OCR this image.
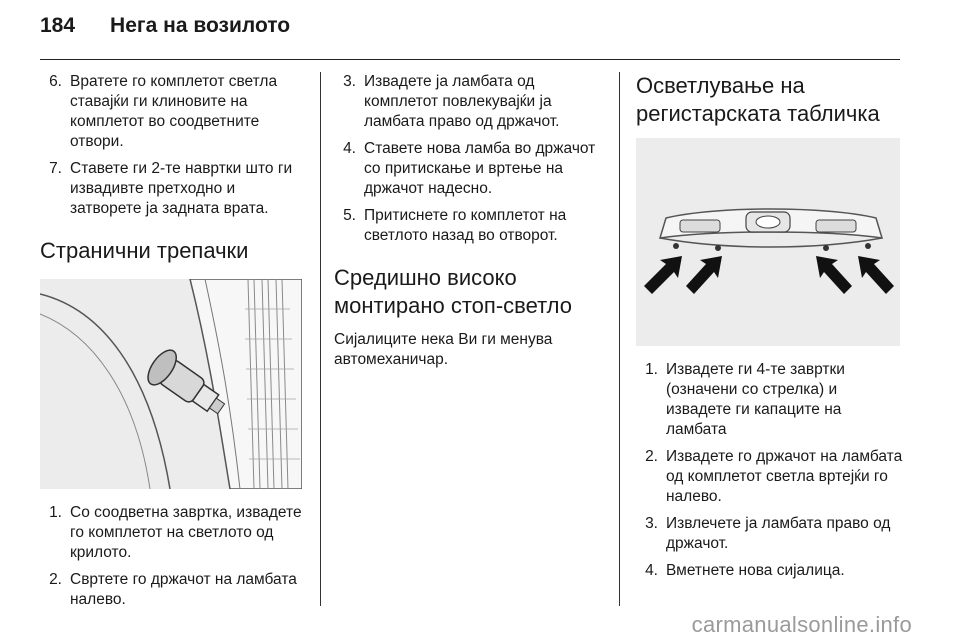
184 Нега на возилото
6. Вратете го комплетот светла ставајќи ги клиновите на комплетот во соодветните отвори.
7. Ставете ги 2-те навртки што ги извадивте претходно и затворете ја задната врата.
Странични трепачки
1. Со соодветна завртка, извадете го комплетот на светлото од крилото.
2. Свртете го држачот на ламбата налево.
3. Извадете ја ламбата од комплетот повлекувајќи ја ламбата право од држачот.
4. Ставете нова ламба во држачот со притискање и вртење на држачот надесно.
5. Притиснете го комплетот на светлото назад во отворот.
Средишно високо монтирано стоп-светло
Сијалиците нека Ви ги менува автомеханичар.
Осветлување на регистарската табличка
1. Извадете ги 4-те завртки (означени со стрелка) и извадете ги капаците на ламбата
2. Извадете го држачот на ламбата од комплетот светла вртејќи го налево.
3. Извлечете ја ламбата право од држачот.
4. Вметнете нова сијалица.
carmanualsonline.info
